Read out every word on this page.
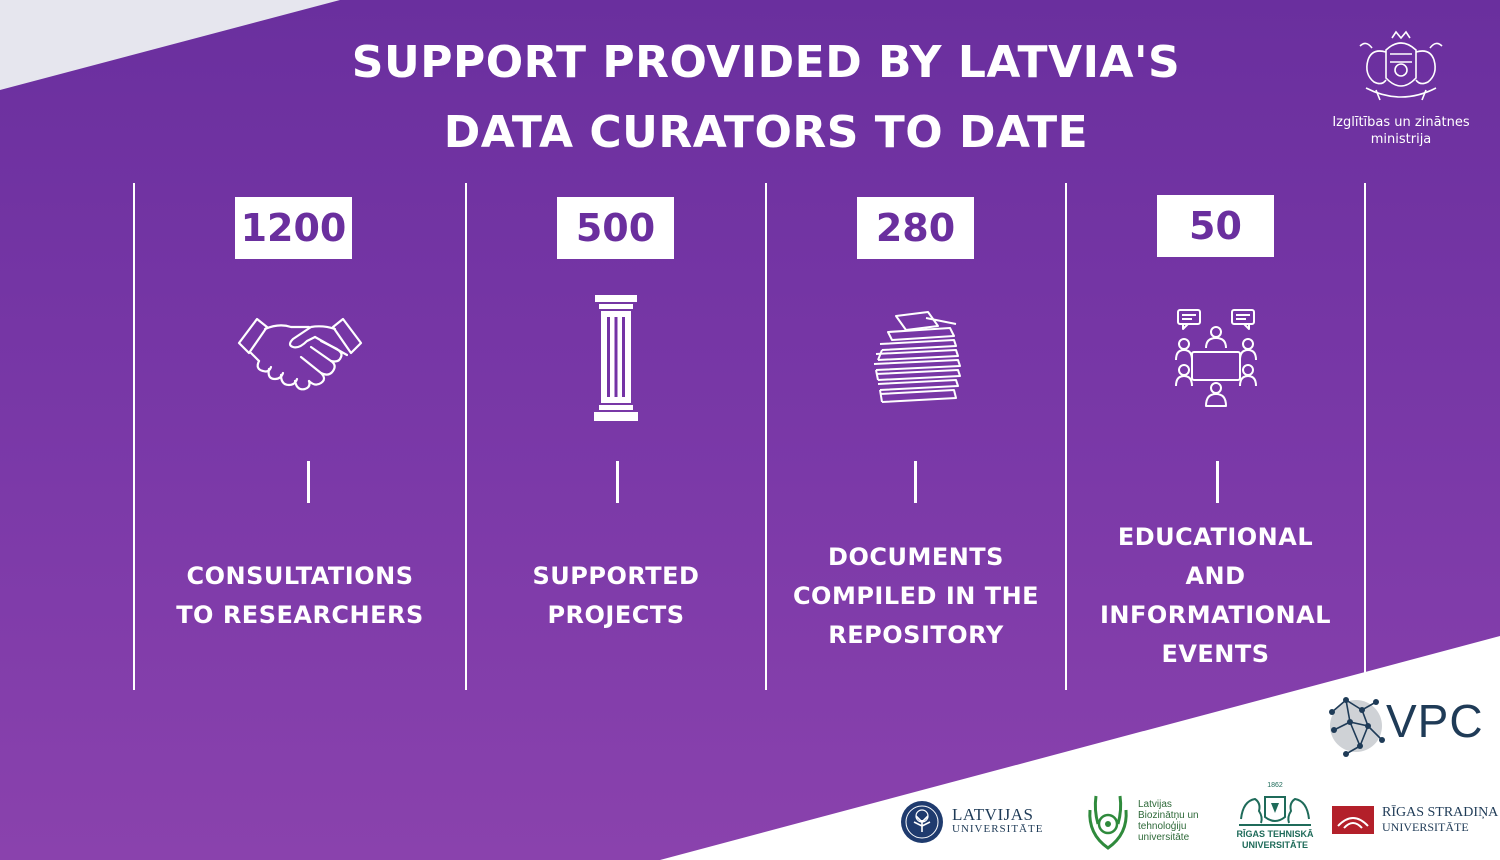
SUPPORT PROVIDED BY LATVIA'S
DATA CURATORS TO DATE	Izglītības un zinātnes
ministrija
1200
CONSULTATIONS
TO RESEARCHERS
500
SUPPORTED
PROJECTS
280
DOCUMENTS
COMPILED IN THE
REPOSITORY
50
EDUCATIONAL
AND
INFORMATIONAL
EVENTS
VPC
LATVIJAS
UNIVERSITĀTE
Latvijas
Biozinātņu un
tehnoloģiju
universitāte
1862
RĪGAS TEHNISKĀ
UNIVERSITĀTE
RĪGAS STRADIŅA
UNIVERSITĀTE
